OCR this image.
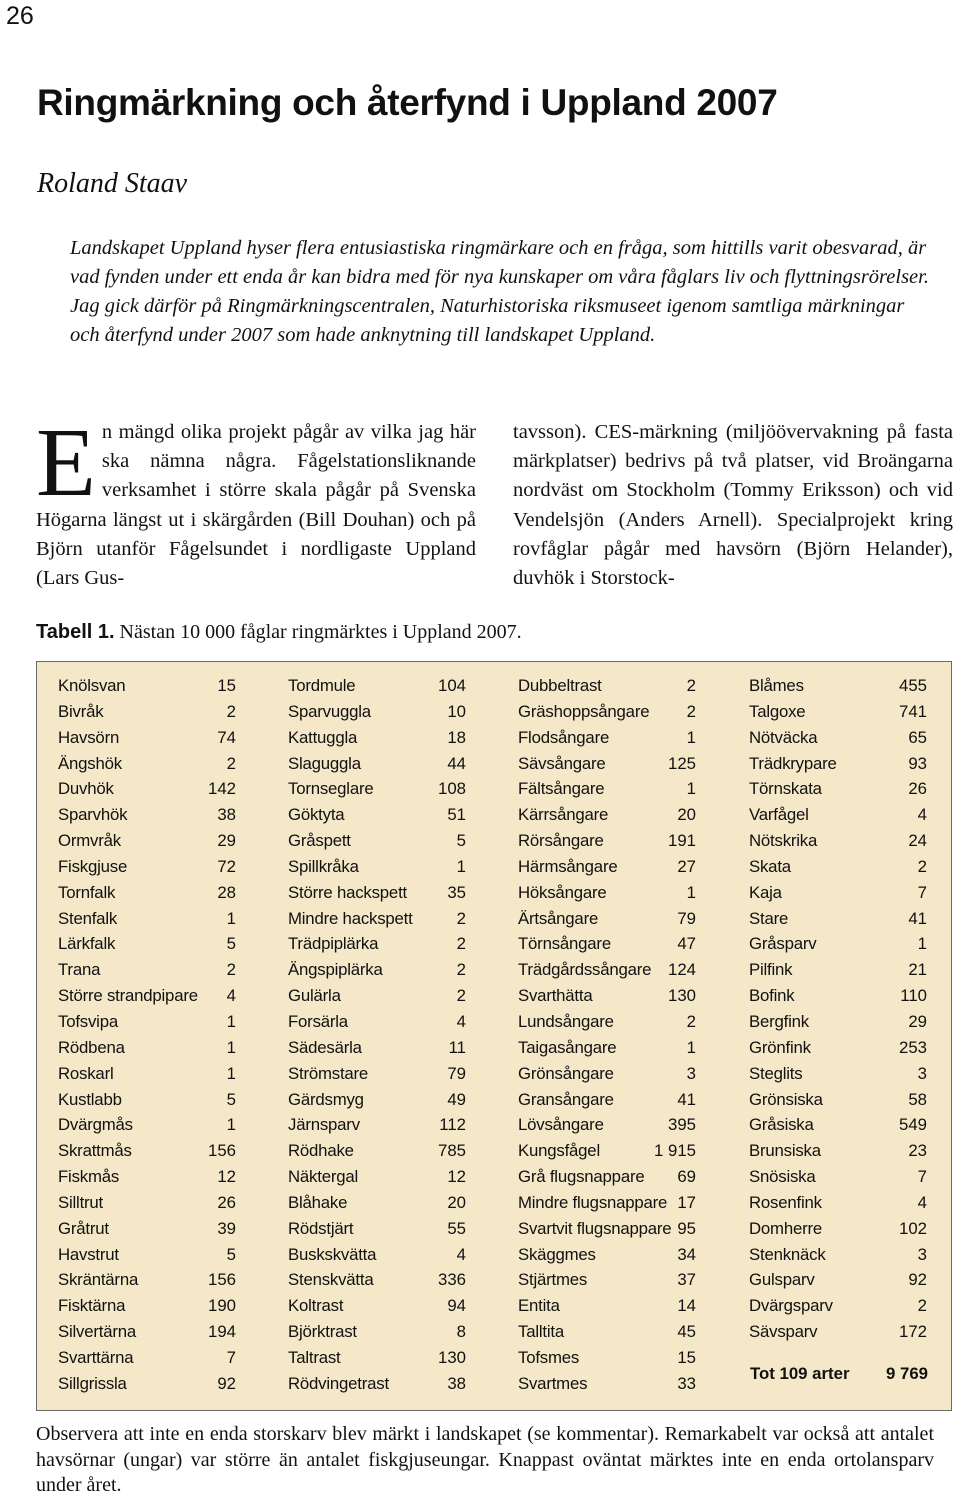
26
Ringmärkning och återfynd i Uppland 2007
Roland Staav
Landskapet Uppland hyser flera entusiastiska ringmärkare och en fråga, som hittills varit obesvarad, är vad fynden under ett enda år kan bidra med för nya kunskaper om våra fåglars liv och flyttningsrörelser. Jag gick därför på Ringmärkningscentralen, Naturhistoriska riksmuseet igenom samtliga märkningar och återfynd under 2007 som hade anknytning till landskapet Uppland.
En mängd olika projekt pågår av vilka jag här ska nämna några. Fågelstationsliknande verksamhet i större skala pågår på Svenska Högarna längst ut i skärgården (Bill Douhan) och på Björn utanför Fågelsundet i nordligaste Uppland (Lars Gus-
tavsson). CES-märkning (miljöövervakning på fasta märkplatser) bedrivs på två platser, vid Broängarna nordväst om Stockholm (Tommy Eriksson) och vid Vendelsjön (Anders Arnell). Specialprojekt kring rovfåglar pågår med havsörn (Björn Helander), duvhök i Storstock-
Tabell 1. Nästan 10 000 fåglar ringmärktes i Uppland 2007.
Knölsvan	15
Bivråk	2
Havsörn	74
Ängshök	2
Duvhök	142
Sparvhök	38
Ormvråk	29
Fiskgjuse	72
Tornfalk	28
Stenfalk	1
Lärkfalk	5
Trana	2
Större strandpipare 4
Tofsvipa	1
Rödbena	1
Roskarl	1
Kustlabb	5
Dvärgmås	1
Skrattmås	156
Fiskmås	12
Silltrut	26
Gråtrut	39
Havstrut	5
Skräntärna	156
Fisktärna	190
Silvertärna	194
Svarttärna	7
Sillgrissla	92
Tordmule	104
Sparvuggla	10
Kattuggla	18
Slaguggla	44
Tornseglare	108
Göktyta	51
Gråspett	5
Spillkråka	1
Större hackspett 35
Mindre hackspett	2
Trädpiplärka	2
Ängspiplärka	2
Gulärla	2
Forsärla	4
Sädesärla	11
Strömstare	79
Gärdsmyg	49
Järnsparv	112
Rödhake	785
Näktergal	12
Blåhake	20
Rödstjärt	55
Buskskvätta	4
Stenskvätta	336
Koltrast	94
Björktrast	8
Taltrast	130
Rödvingetrast	38
Dubbeltrast	2
Gräshoppsångare 2
Flodsångare	1
Sävsångare	125
Fältsångare	1
Kärrsångare	20
Rörsångare	191
Härmsångare	27
Höksångare	1
Ärtsångare	79
Törnsångare	47
Trädgårdssångare 124
Svarthätta	130
Lundsångare	2
Taigasångare	1
Grönsångare	3
Gransångare	41
Lövsångare	395
Kungsfågel	1 915
Grå flugsnappare 69
Mindre flugsnappare 17
Svartvit flugsnappare 95
Skäggmes	34
Stjärtmes	37
Entita	14
Talltita	45
Tofsmes	15
Svartmes	33
Blåmes	455
Talgoxe	741
Nötväcka	65
Trädkrypare	93
Törnskata	26
Varfågel	4
Nötskrika	24
Skata	2
Kaja	7
Stare	41
Gråsparv	1
Pilfink	21
Bofink	110
Bergfink	29
Grönfink	253
Steglits	3
Grönsiska	58
Gråsiska	549
Brunsiska	23
Snösiska	7
Rosenfink	4
Domherre	102
Stenknäck	3
Gulsparv	92
Dvärgsparv	2
Sävsparv	172
Tot 109 arter 9 769
Observera att inte en enda storskarv blev märkt i landskapet (se kommentar). Remarkabelt var också att antalet havsörnar (ungar) var större än antalet fiskgjuseungar. Knappast oväntat märktes inte en enda ortolansparv under året.
